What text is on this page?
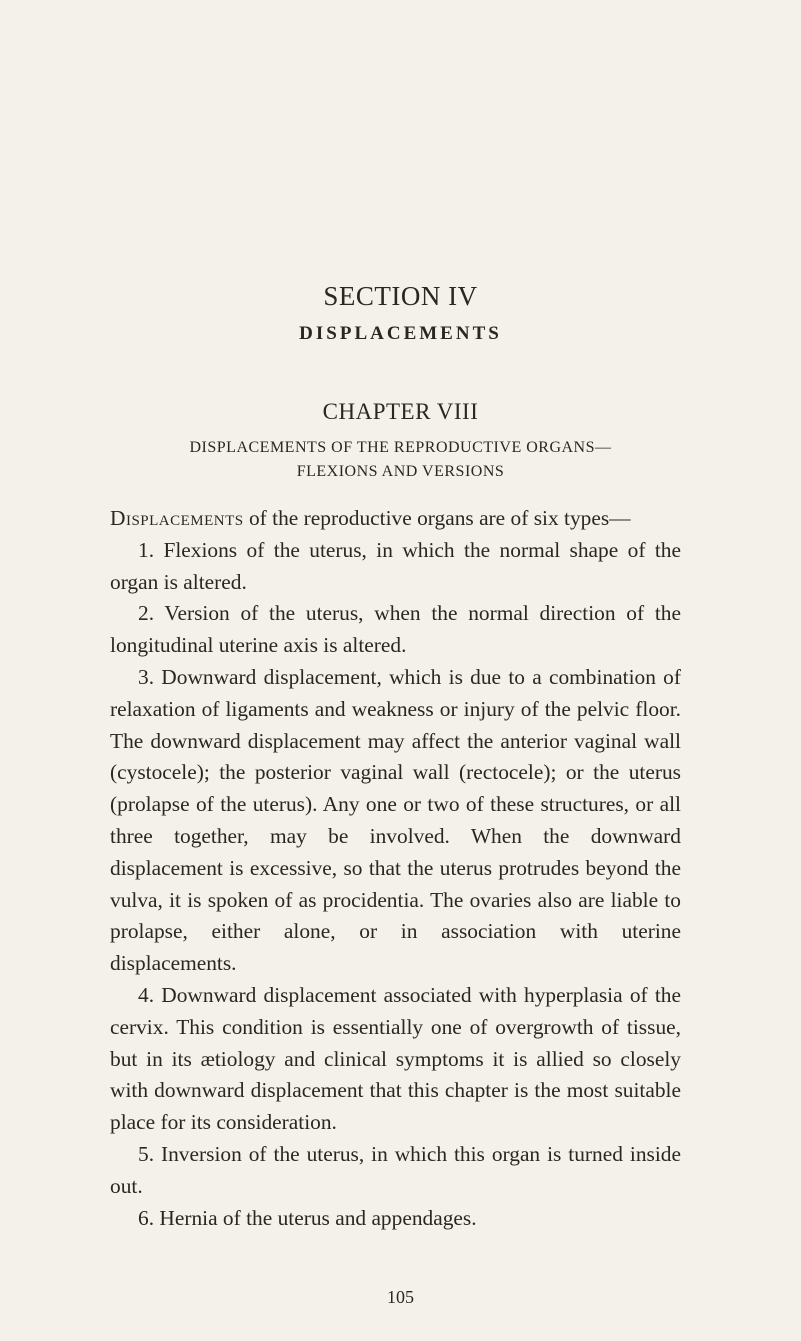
SECTION IV
DISPLACEMENTS
CHAPTER VIII
DISPLACEMENTS OF THE REPRODUCTIVE ORGANS—
FLEXIONS AND VERSIONS

Displacements of the reproductive organs are of six types—

1. Flexions of the uterus, in which the normal shape of the organ is altered.

2. Version of the uterus, when the normal direction of the longitudinal uterine axis is altered.

3. Downward displacement, which is due to a combination of relaxation of ligaments and weakness or injury of the pelvic floor. The downward displacement may affect the anterior vaginal wall (cystocele); the posterior vaginal wall (rectocele); or the uterus (prolapse of the uterus). Any one or two of these structures, or all three together, may be involved. When the downward displacement is excessive, so that the uterus protrudes beyond the vulva, it is spoken of as procidentia. The ovaries also are liable to prolapse, either alone, or in association with uterine displacements.

4. Downward displacement associated with hyperplasia of the cervix. This condition is essentially one of overgrowth of tissue, but in its ætiology and clinical symptoms it is allied so closely with downward displacement that this chapter is the most suitable place for its consideration.

5. Inversion of the uterus, in which this organ is turned inside out.

6. Hernia of the uterus and appendages.

105
